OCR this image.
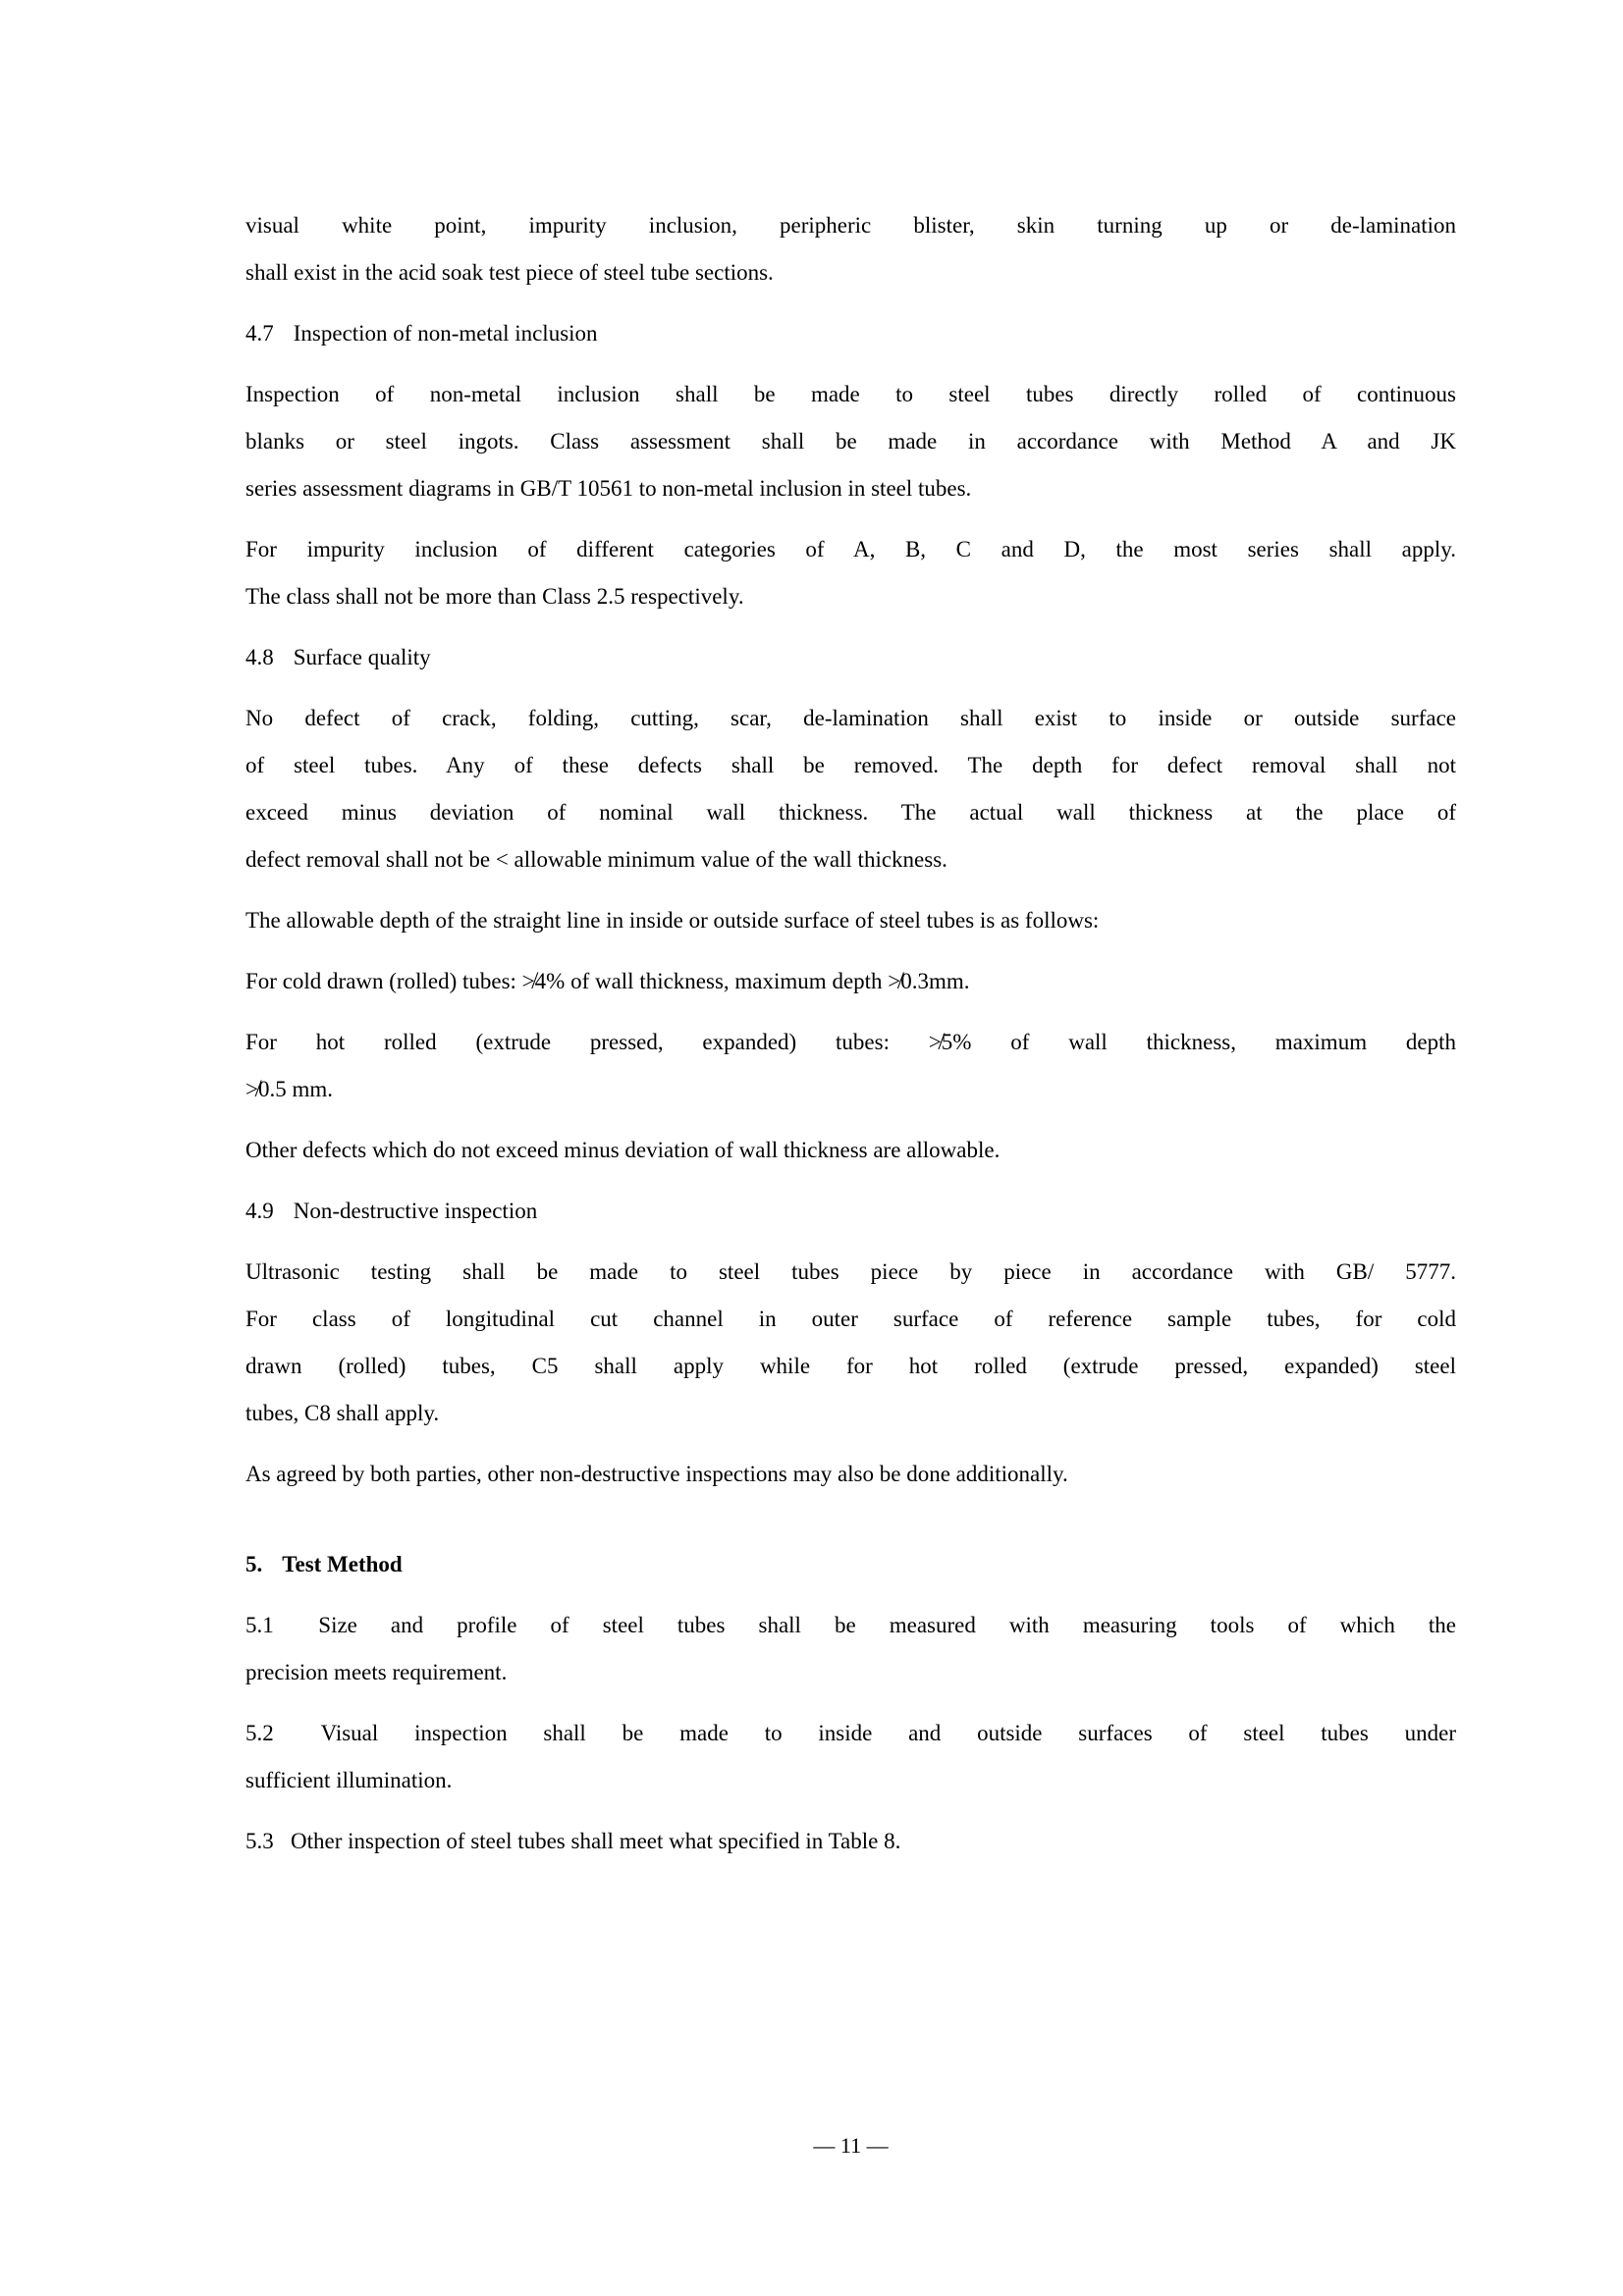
visual white point, impurity inclusion, peripheric blister, skin turning up or de-lamination
shall exist in the acid soak test piece of steel tube sections.
4.7 Inspection of non-metal inclusion
Inspection of non-metal inclusion shall be made to steel tubes directly rolled of continuous
blanks or steel ingots. Class assessment shall be made in accordance with Method A and JK
series assessment diagrams in GB/T 10561 to non-metal inclusion in steel tubes.
For impurity inclusion of different categories of A, B, C and D, the most series shall apply.
The class shall not be more than Class 2.5 respectively.
4.8 Surface quality
No defect of crack, folding, cutting, scar, de-lamination shall exist to inside or outside surface
of steel tubes. Any of these defects shall be removed. The depth for defect removal shall not
exceed minus deviation of nominal wall thickness. The actual wall thickness at the place of
defect removal shall not be < allowable minimum value of the wall thickness.
The allowable depth of the straight line in inside or outside surface of steel tubes is as follows:
For cold drawn (rolled) tubes: ≯4% of wall thickness, maximum depth ≯0.3mm.
For hot rolled (extrude pressed, expanded) tubes: ≯5% of wall thickness, maximum depth
≯0.5 mm.
Other defects which do not exceed minus deviation of wall thickness are allowable.
4.9 Non-destructive inspection
Ultrasonic testing shall be made to steel tubes piece by piece in accordance with GB/ 5777.
For class of longitudinal cut channel in outer surface of reference sample tubes, for cold
drawn (rolled) tubes, C5 shall apply while for hot rolled (extrude pressed, expanded) steel
tubes, C8 shall apply.
As agreed by both parties, other non-destructive inspections may also be done additionally.
5. Test Method
5.1  Size and profile of steel tubes shall be measured with measuring tools of which the
precision meets requirement.
5.2  Visual inspection shall be made to inside and outside surfaces of steel tubes under
sufficient illumination.
5.3  Other inspection of steel tubes shall meet what specified in Table 8.
— 11 —
